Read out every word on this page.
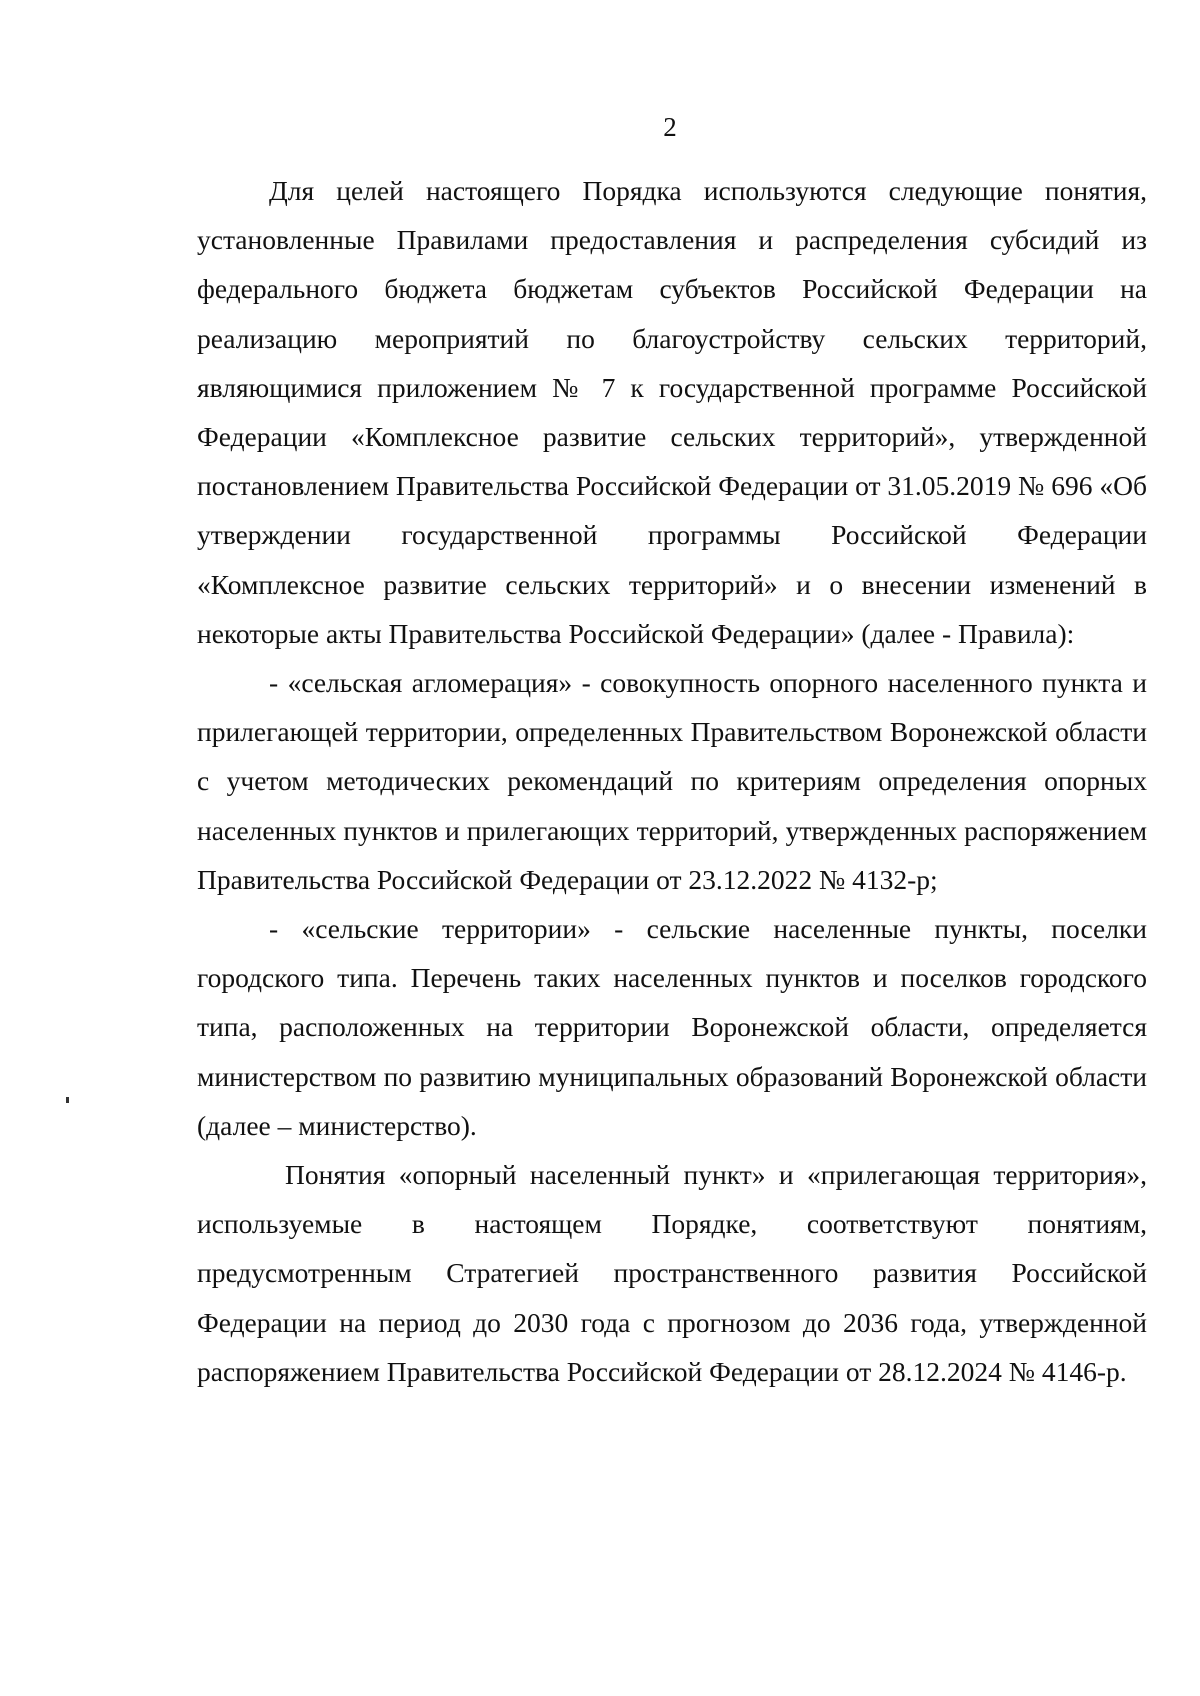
2

Для целей настоящего Порядка используются следующие понятия, установленные Правилами предоставления и распределения субсидий из федерального бюджета бюджетам субъектов Российской Федерации на реализацию мероприятий по благоустройству сельских территорий, являющимися приложением № 7 к государственной программе Российской Федерации «Комплексное развитие сельских территорий», утвержденной постановлением Правительства Российской Федерации от 31.05.2019 № 696 «Об утверждении государственной программы Российской Федерации «Комплексное развитие сельских территорий» и о внесении изменений в некоторые акты Правительства Российской Федерации» (далее - Правила):

- «сельская агломерация» - совокупность опорного населенного пункта и прилегающей территории, определенных Правительством Воронежской области с учетом методических рекомендаций по критериям определения опорных населенных пунктов и прилегающих территорий, утвержденных распоряжением Правительства Российской Федерации от 23.12.2022 № 4132-р;

- «сельские территории» - сельские населенные пункты, поселки городского типа. Перечень таких населенных пунктов и поселков городского типа, расположенных на территории Воронежской области, определяется министерством по развитию муниципальных образований Воронежской области (далее – министерство).

Понятия «опорный населенный пункт» и «прилегающая территория», используемые в настоящем Порядке, соответствуют понятиям, предусмотренным Стратегией пространственного развития Российской Федерации на период до 2030 года с прогнозом до 2036 года, утвержденной распоряжением Правительства Российской Федерации от 28.12.2024 № 4146-р.
